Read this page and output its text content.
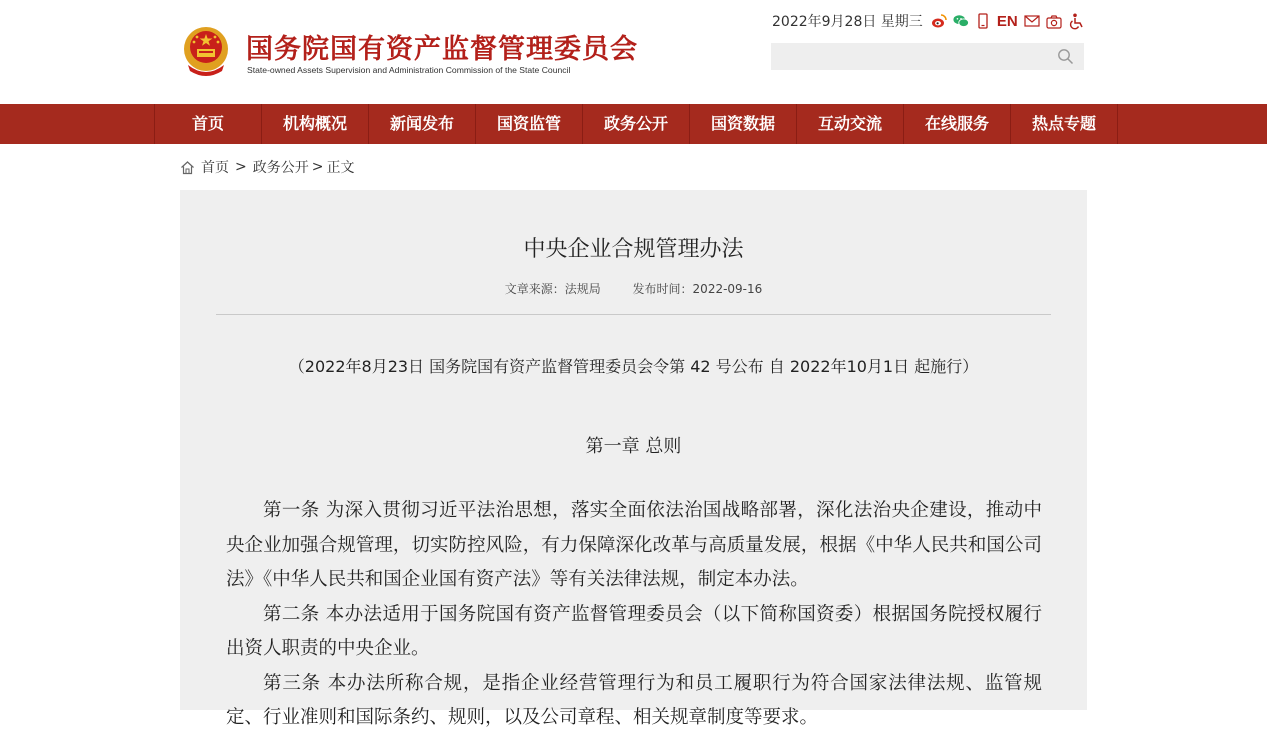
国务院国有资产监督管理委员会
State-owned Assets Supervision and Administration Commission of the State Council
2022年9月28日 星期三	EN
首页	机构概况	新闻发布	国资监管	政务公开	国资数据	互动交流	在线服务	热点专题
首页 > 政务公开 > 正文
中央企业合规管理办法
文章来源：法规局	发布时间：2022-09-16
（2022年8月23日 国务院国有资产监督管理委员会令第 42 号公布 自 2022年10月1日 起施行）
第一章 总则

第一条 为深入贯彻习近平法治思想，落实全面依法治国战略部署，深化法治央企建设，推动中央企业加强合规管理，切实防控风险，有力保障深化改革与高质量发展，根据《中华人民共和国公司法》《中华人民共和国企业国有资产法》等有关法律法规，制定本办法。

第二条 本办法适用于国务院国有资产监督管理委员会（以下简称国资委）根据国务院授权履行出资人职责的中央企业。

第三条 本办法所称合规，是指企业经营管理行为和员工履职行为符合国家法律法规、监管规定、行业准则和国际条约、规则，以及公司章程、相关规章制度等要求。
